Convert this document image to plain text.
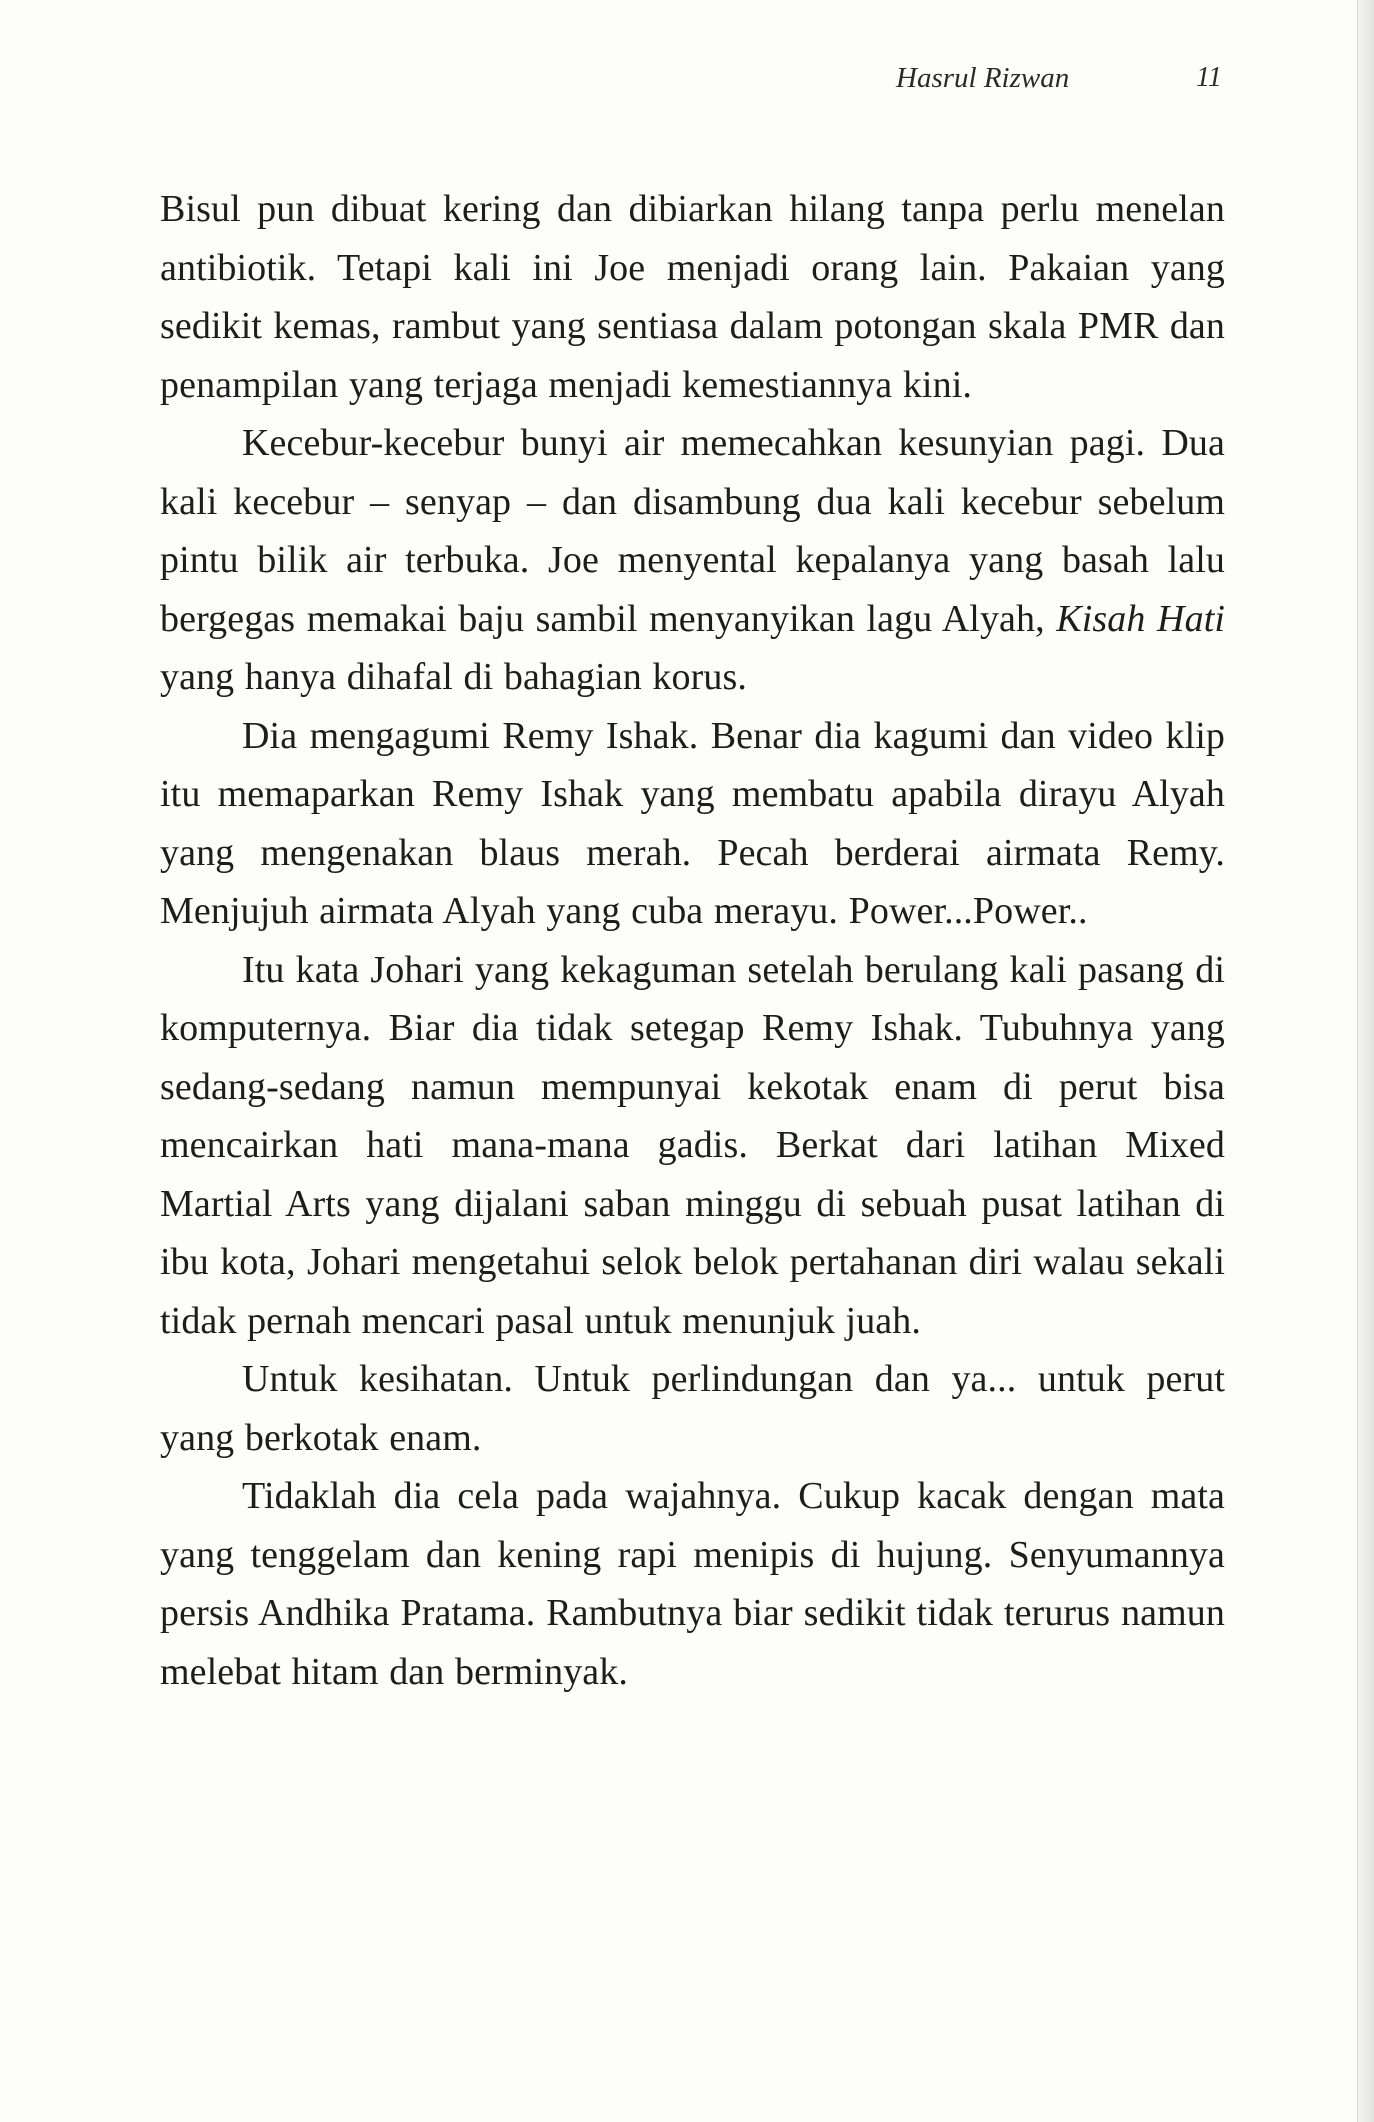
Hasrul Rizwan	11

Bisul pun dibuat kering dan dibiarkan hilang tanpa perlu menelan antibiotik. Tetapi kali ini Joe menjadi orang lain. Pakaian yang sedikit kemas, rambut yang sentiasa dalam potongan skala PMR dan penampilan yang terjaga menjadi kemestiannya kini.

Kecebur-kecebur bunyi air memecahkan kesunyian pagi. Dua kali kecebur – senyap – dan disambung dua kali kecebur sebelum pintu bilik air terbuka. Joe menyental kepalanya yang basah lalu bergegas memakai baju sambil menyanyikan lagu Alyah, Kisah Hati yang hanya dihafal di bahagian korus.

Dia mengagumi Remy Ishak. Benar dia kagumi dan video klip itu memaparkan Remy Ishak yang membatu apabila dirayu Alyah yang mengenakan blaus merah. Pecah berderai airmata Remy. Menjujuh airmata Alyah yang cuba merayu. Power...Power..

Itu kata Johari yang kekaguman setelah berulang kali pasang di komputernya. Biar dia tidak setegap Remy Ishak. Tubuhnya yang sedang-sedang namun mempunyai kekotak enam di perut bisa mencairkan hati mana-mana gadis. Berkat dari latihan Mixed Martial Arts yang dijalani saban minggu di sebuah pusat latihan di ibu kota, Johari mengetahui selok belok pertahanan diri walau sekali tidak pernah mencari pasal untuk menunjuk juah.

Untuk kesihatan. Untuk perlindungan dan ya... untuk perut yang berkotak enam.

Tidaklah dia cela pada wajahnya. Cukup kacak dengan mata yang tenggelam dan kening rapi menipis di hujung. Senyumannya persis Andhika Pratama. Rambutnya biar sedikit tidak terurus namun melebat hitam dan berminyak.
